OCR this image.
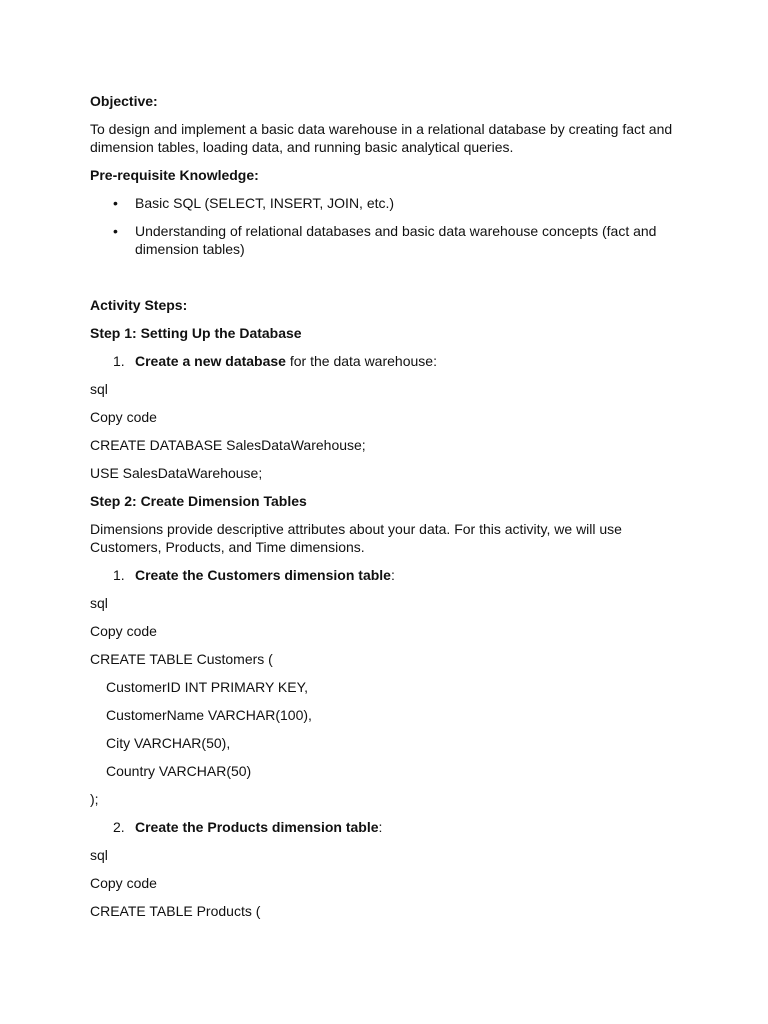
Objective:
To design and implement a basic data warehouse in a relational database by creating fact and
dimension tables, loading data, and running basic analytical queries.
Pre-requisite Knowledge:
• Basic SQL (SELECT, INSERT, JOIN, etc.)
• Understanding of relational databases and basic data warehouse concepts (fact and
dimension tables)
Activity Steps:
Step 1: Setting Up the Database
1. Create a new database for the data warehouse:
sql
Copy code
CREATE DATABASE SalesDataWarehouse;
USE SalesDataWarehouse;
Step 2: Create Dimension Tables
Dimensions provide descriptive attributes about your data. For this activity, we will use
Customers, Products, and Time dimensions.
1. Create the Customers dimension table:
sql
Copy code
CREATE TABLE Customers (
CustomerID INT PRIMARY KEY,
CustomerName VARCHAR(100),
City VARCHAR(50),
Country VARCHAR(50)
);
2. Create the Products dimension table:
sql
Copy code
CREATE TABLE Products (
